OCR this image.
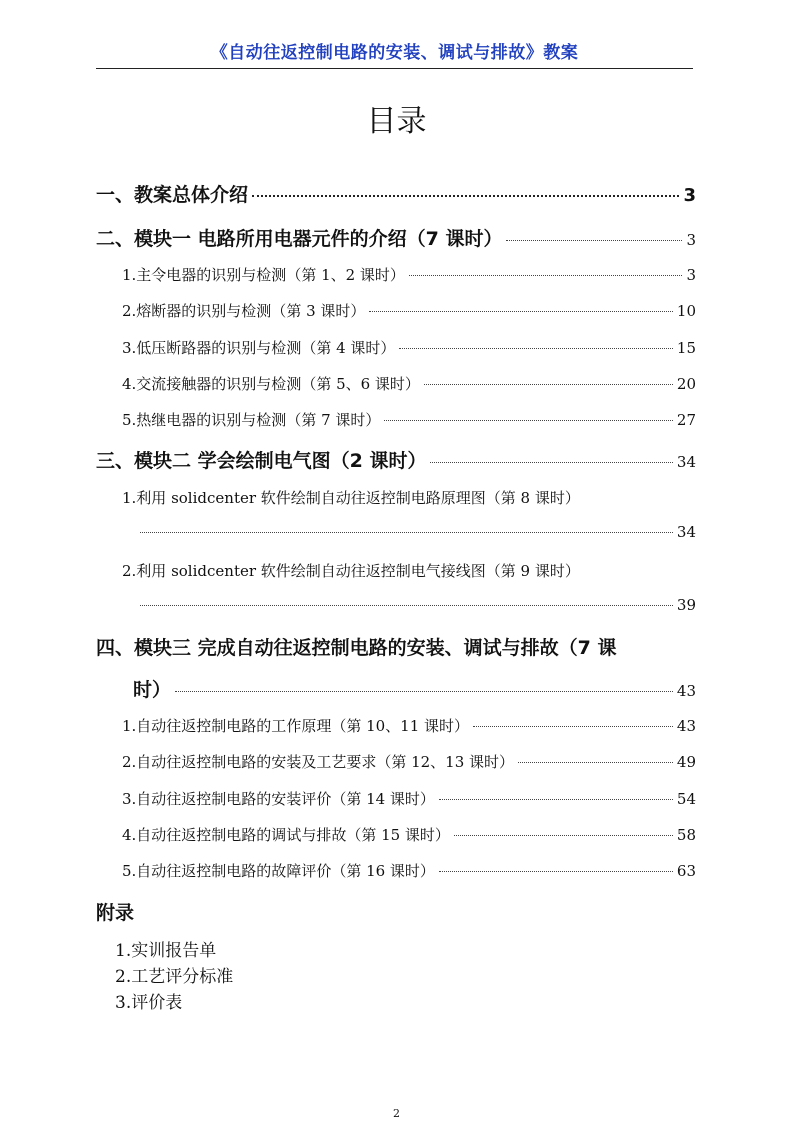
《自动往返控制电路的安装、调试与排故》教案
目录
一、教案总体介绍	3
二、模块一 电路所用电器元件的介绍（7 课时）	3
1.主令电器的识别与检测（第 1、2 课时）	3
2.熔断器的识别与检测（第 3 课时）	10
3.低压断路器的识别与检测（第 4 课时）	15
4.交流接触器的识别与检测（第 5、6 课时）	20
5.热继电器的识别与检测（第 7 课时）	27
三、模块二 学会绘制电气图（2 课时）	34
1.利用 solidcenter 软件绘制自动往返控制电路原理图（第 8 课时）
34
2.利用 solidcenter 软件绘制自动往返控制电气接线图（第 9 课时）
39
四、模块三 完成自动往返控制电路的安装、调试与排故（7 课
时）	43
1.自动往返控制电路的工作原理（第 10、11 课时）	43
2.自动往返控制电路的安装及工艺要求（第 12、13 课时）	49
3.自动往返控制电路的安装评价（第 14 课时）	54
4.自动往返控制电路的调试与排故（第 15 课时）	58
5.自动往返控制电路的故障评价（第 16 课时）	63
附录
1.实训报告单
2.工艺评分标准
3.评价表
2
